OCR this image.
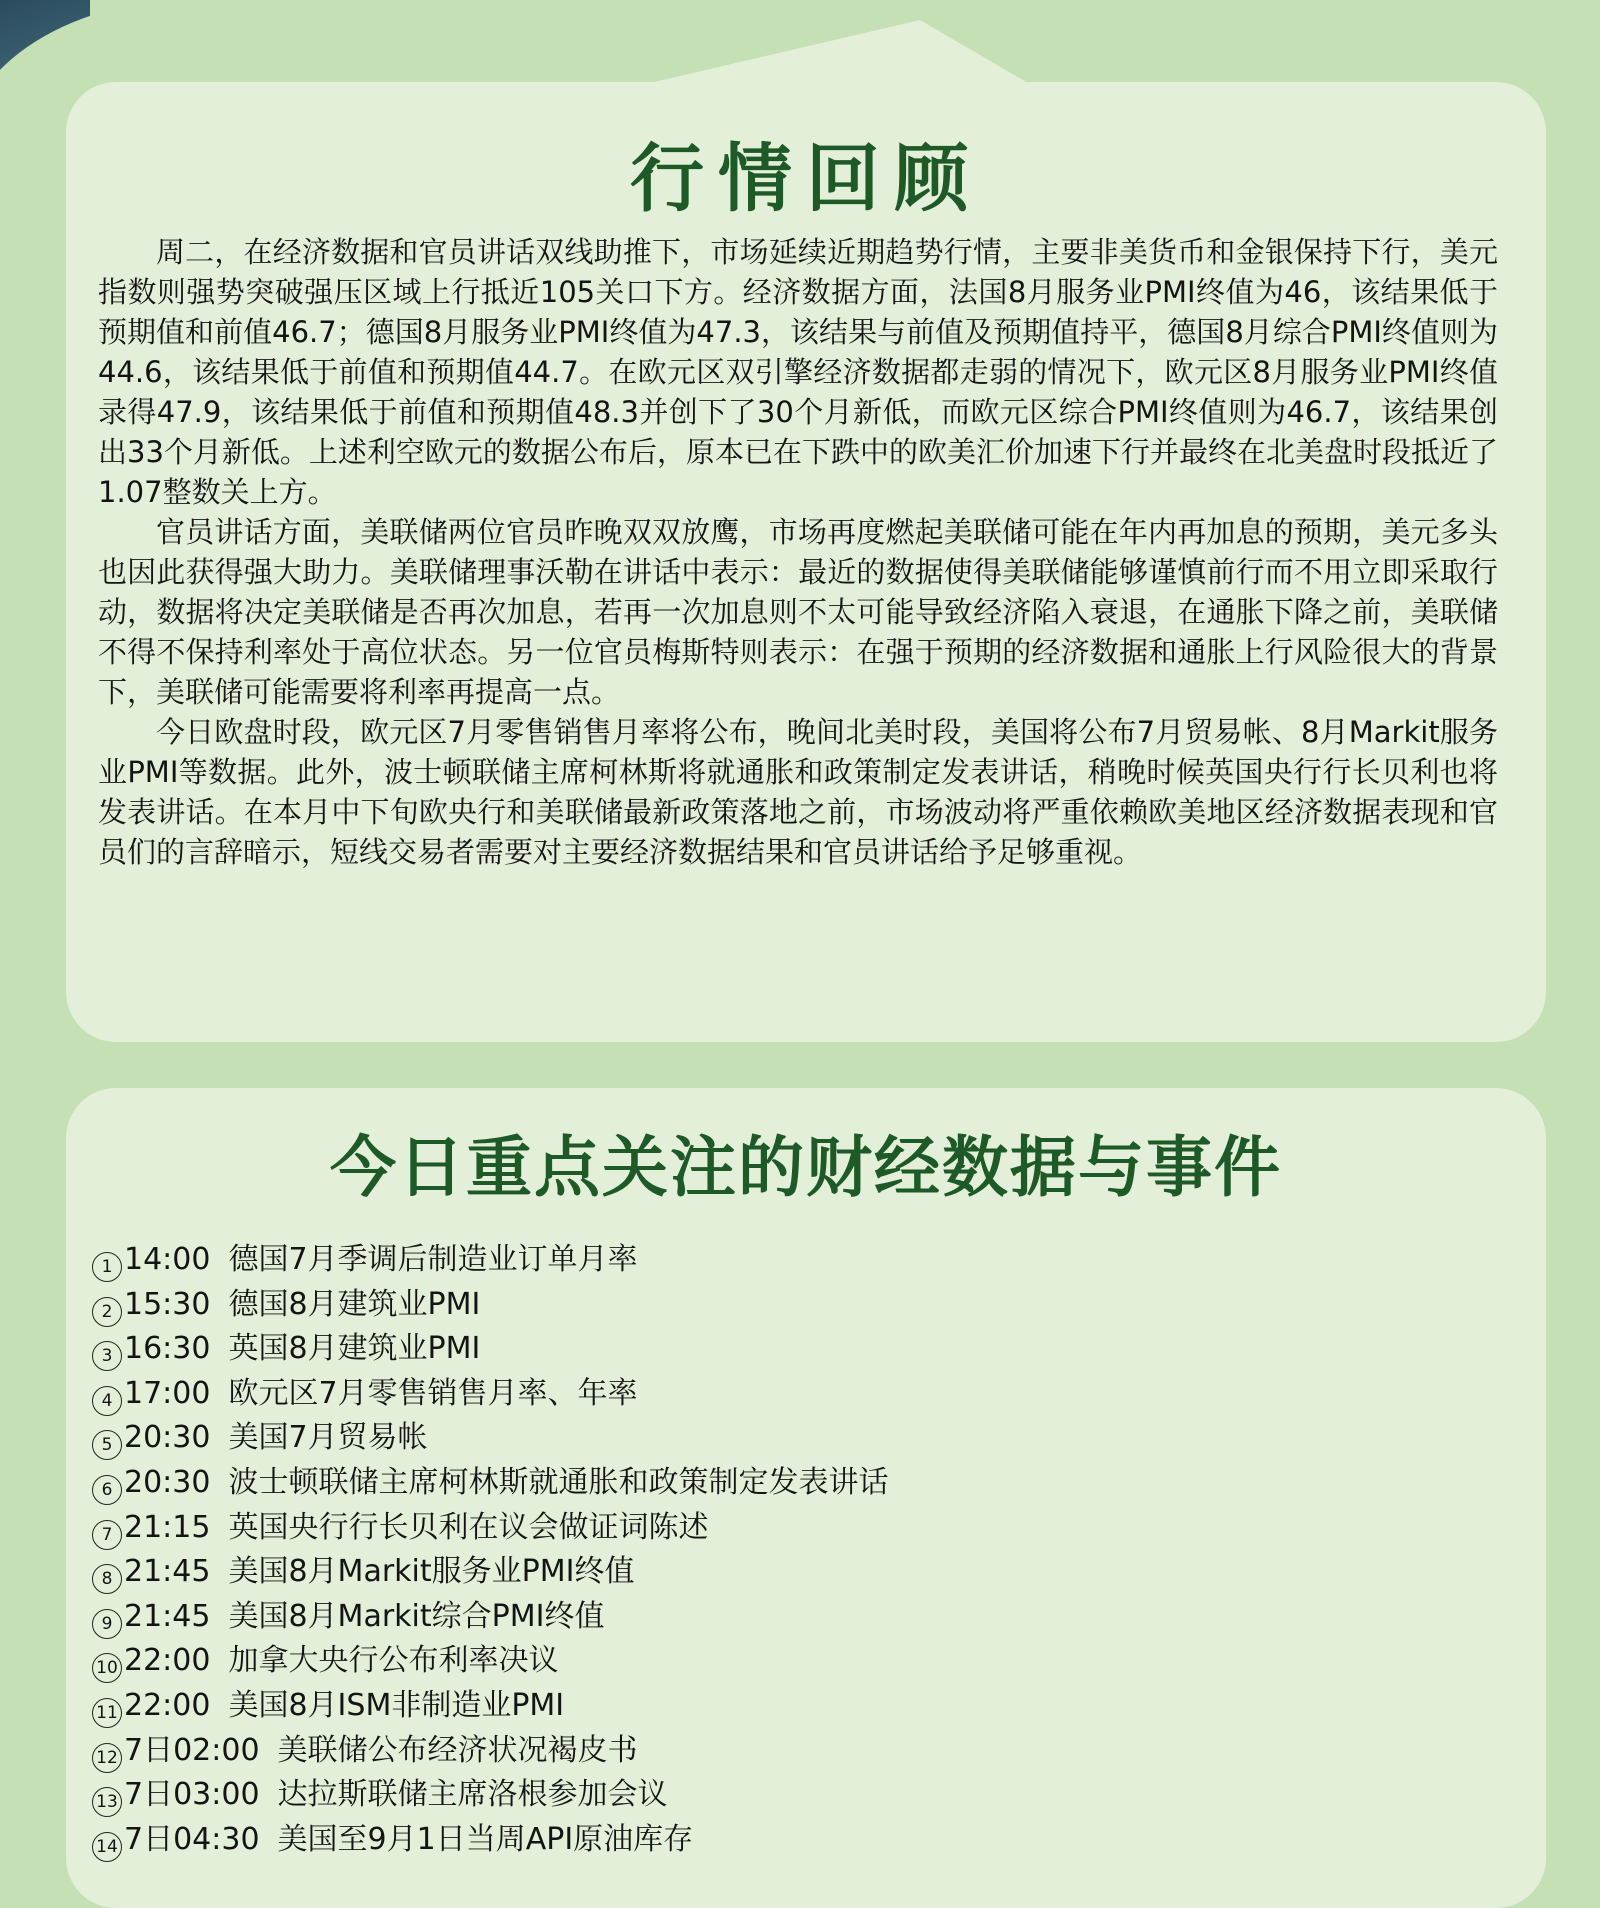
行情回顾

周二，在经济数据和官员讲话双线助推下，市场延续近期趋势行情，主要非美货币和金银保持下行，美元指数则强势突破强压区域上行抵近105关口下方。经济数据方面，法国8月服务业PMI终值为46，该结果低于预期值和前值46.7；德国8月服务业PMI终值为47.3，该结果与前值及预期值持平，德国8月综合PMI终值则为44.6，该结果低于前值和预期值44.7。在欧元区双引擎经济数据都走弱的情况下，欧元区8月服务业PMI终值录得47.9，该结果低于前值和预期值48.3并创下了30个月新低，而欧元区综合PMI终值则为46.7，该结果创出33个月新低。上述利空欧元的数据公布后，原本已在下跌中的欧美汇价加速下行并最终在北美盘时段抵近了1.07整数关上方。

官员讲话方面，美联储两位官员昨晚双双放鹰，市场再度燃起美联储可能在年内再加息的预期，美元多头也因此获得强大助力。美联储理事沃勒在讲话中表示：最近的数据使得美联储能够谨慎前行而不用立即采取行动，数据将决定美联储是否再次加息，若再一次加息则不太可能导致经济陷入衰退，在通胀下降之前，美联储不得不保持利率处于高位状态。另一位官员梅斯特则表示：在强于预期的经济数据和通胀上行风险很大的背景下，美联储可能需要将利率再提高一点。

今日欧盘时段，欧元区7月零售销售月率将公布，晚间北美时段，美国将公布7月贸易帐、8月Markit服务业PMI等数据。此外，波士顿联储主席柯林斯将就通胀和政策制定发表讲话，稍晚时候英国央行行长贝利也将发表讲话。在本月中下旬欧央行和美联储最新政策落地之前，市场波动将严重依赖欧美地区经济数据表现和官员们的言辞暗示，短线交易者需要对主要经济数据结果和官员讲话给予足够重视。

今日重点关注的财经数据与事件
1 14:00 德国7月季调后制造业订单月率
2 15:30 德国8月建筑业PMI
3 16:30 英国8月建筑业PMI
4 17:00 欧元区7月零售销售月率、年率
5 20:30 美国7月贸易帐
6 20:30 波士顿联储主席柯林斯就通胀和政策制定发表讲话
7 21:15 英国央行行长贝利在议会做证词陈述
8 21:45 美国8月Markit服务业PMI终值
9 21:45 美国8月Markit综合PMI终值
10 22:00 加拿大央行公布利率决议
11 22:00 美国8月ISM非制造业PMI
12 7日02:00 美联储公布经济状况褐皮书
13 7日03:00 达拉斯联储主席洛根参加会议
14 7日04:30 美国至9月1日当周API原油库存
